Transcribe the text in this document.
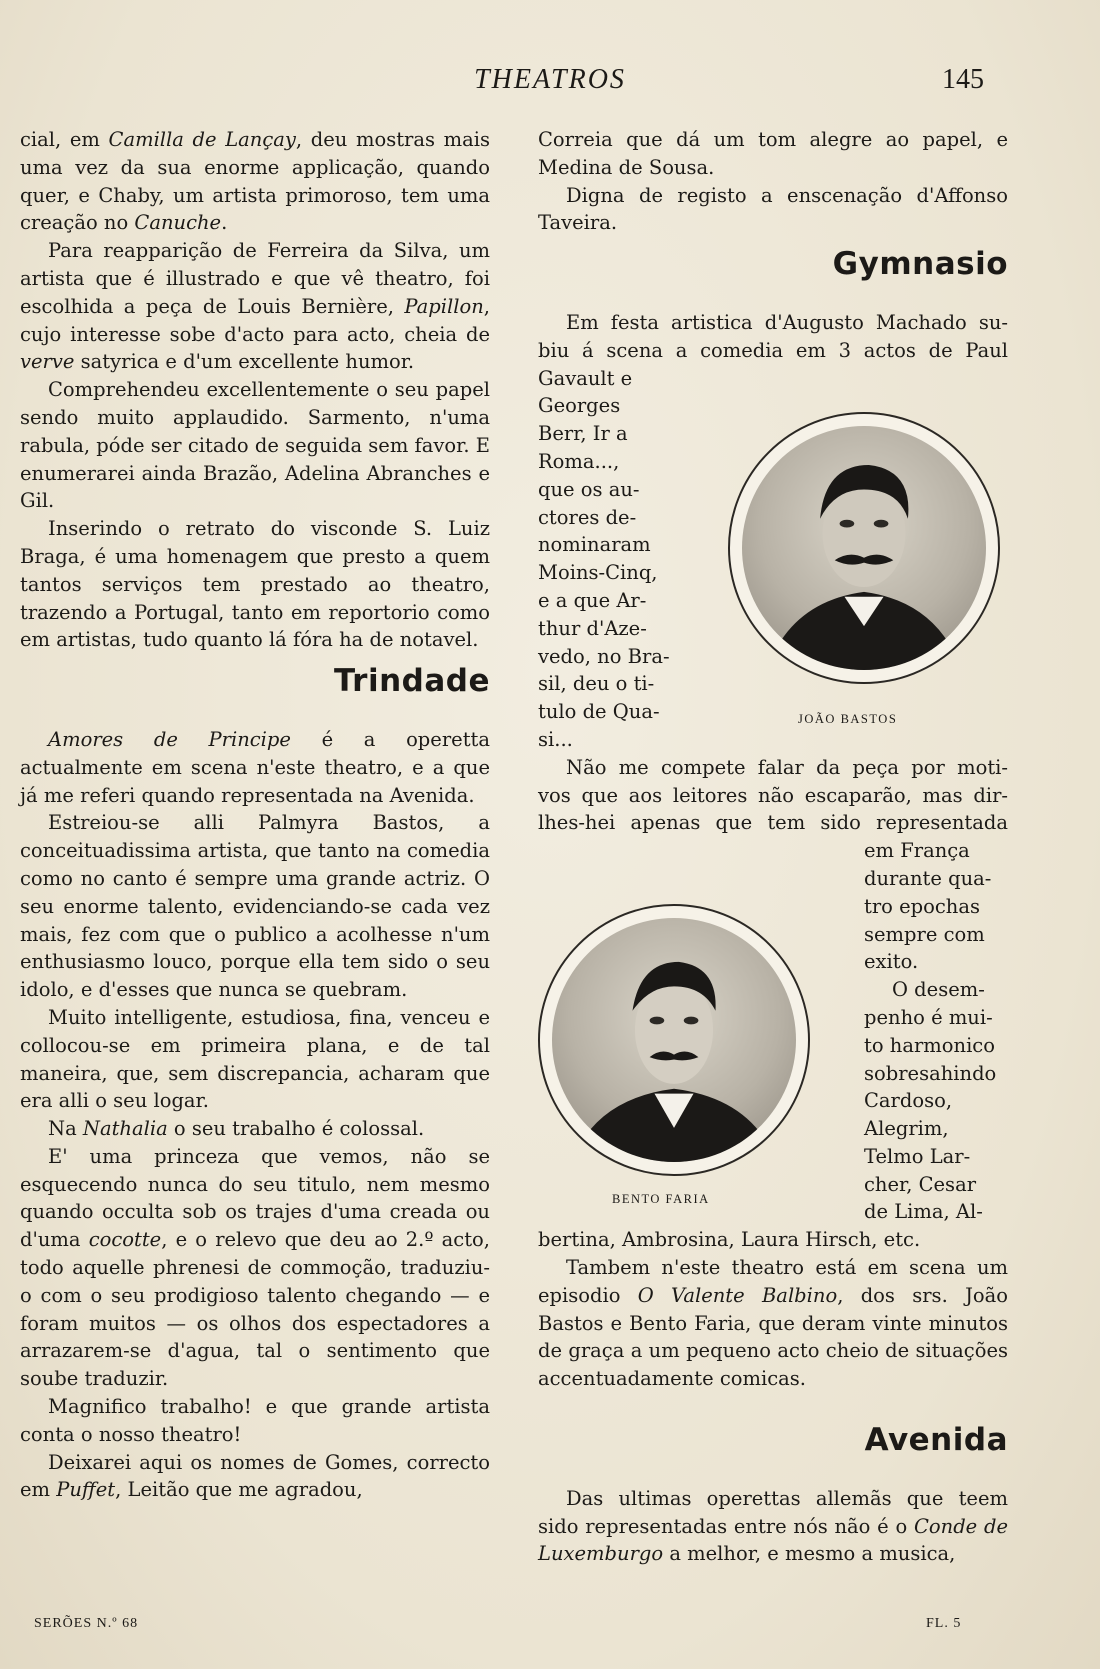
THEATROS	145

cial, em Camilla de Lançay, deu mostras mais uma vez da sua enorme applicação, quando quer, e Chaby, um artista primoroso, tem uma creação no Canuche.

Para reapparição de Ferreira da Silva, um artista que é illustrado e que vê theatro, foi escolhida a peça de Louis Bernière, Papillon, cujo interesse sobe d'acto para acto, cheia de verve satyrica e d'um excellente humor.

Comprehendeu excellentemente o seu papel sendo muito applaudido. Sarmento, n'uma rabula, póde ser citado de seguida sem favor. E enumerarei ainda Brazão, Adelina Abranches e Gil.

Inserindo o retrato do visconde S. Luiz Braga, é uma homenagem que presto a quem tantos serviços tem prestado ao theatro, trazendo a Portugal, tanto em reportorio como em artistas, tudo quanto lá fóra ha de notavel.

Trindade

Amores de Principe é a operetta actualmente em scena n'este theatro, e a que já me referi quando representada na Avenida.

Estreiou-se alli Palmyra Bastos, a conceituadissima artista, que tanto na comedia como no canto é sempre uma grande actriz. O seu enorme talento, evidenciando-se cada vez mais, fez com que o publico a acolhesse n'um enthusiasmo louco, porque ella tem sido o seu idolo, e d'esses que nunca se quebram.

Muito intelligente, estudiosa, fina, venceu e collocou-se em primeira plana, e de tal maneira, que, sem discrepancia, acharam que era alli o seu logar.

Na Nathalia o seu trabalho é colossal.

E' uma princeza que vemos, não se esquecendo nunca do seu titulo, nem mesmo quando occulta sob os trajes d'uma creada ou d'uma cocotte, e o relevo que deu ao 2.º acto, todo aquelle phrenesi de commoção, traduziu-o com o seu prodigioso talento chegando — e foram muitos — os olhos dos espectadores a arrazarem-se d'agua, tal o sentimento que soube traduzir.

Magnifico trabalho! e que grande artista conta o nosso theatro!

Deixarei aqui os nomes de Gomes, correcto em Puffet, Leitão que me agradou,

Correia que dá um tom alegre ao papel, e Medina de Sousa.

Digna de registo a enscenação d'Affonso Taveira.

Gymnasio
Em festa artistica d'Augusto Machado su-
biu á scena a comedia em 3 actos de Paul
Gavault e
Georges
Berr, Ir a
Roma...,
que os au-
ctores de-
nominaram
Moins-Cinq,
e a que Ar-
thur d'Aze-
vedo, no Bra-
sil, deu o ti-
tulo de Qua-
si...
Não me compete falar da peça por moti-
vos que aos leitores não escaparão, mas dir-
lhes-hei apenas que tem sido representada
em França
durante qua-
tro epochas
sempre com
exito.
O desem-
penho é mui-
to harmonico
sobresahindo
Cardoso,
Alegrim,
Telmo Lar-
cher, Cesar
de Lima, Al-
bertina, Ambrosina, Laura Hirsch, etc.

Tambem n'este theatro está em scena um episodio O Valente Balbino, dos srs. João Bastos e Bento Faria, que deram vinte minutos de graça a um pequeno acto cheio de situações accentuadamente comicas.

Avenida

Das ultimas operettas allemãs que teem sido representadas entre nós não é o Conde de Luxemburgo a melhor, e mesmo a musica,

JOÃO BASTOS
BENTO FARIA
SERÕES N.º 68	FL. 5
